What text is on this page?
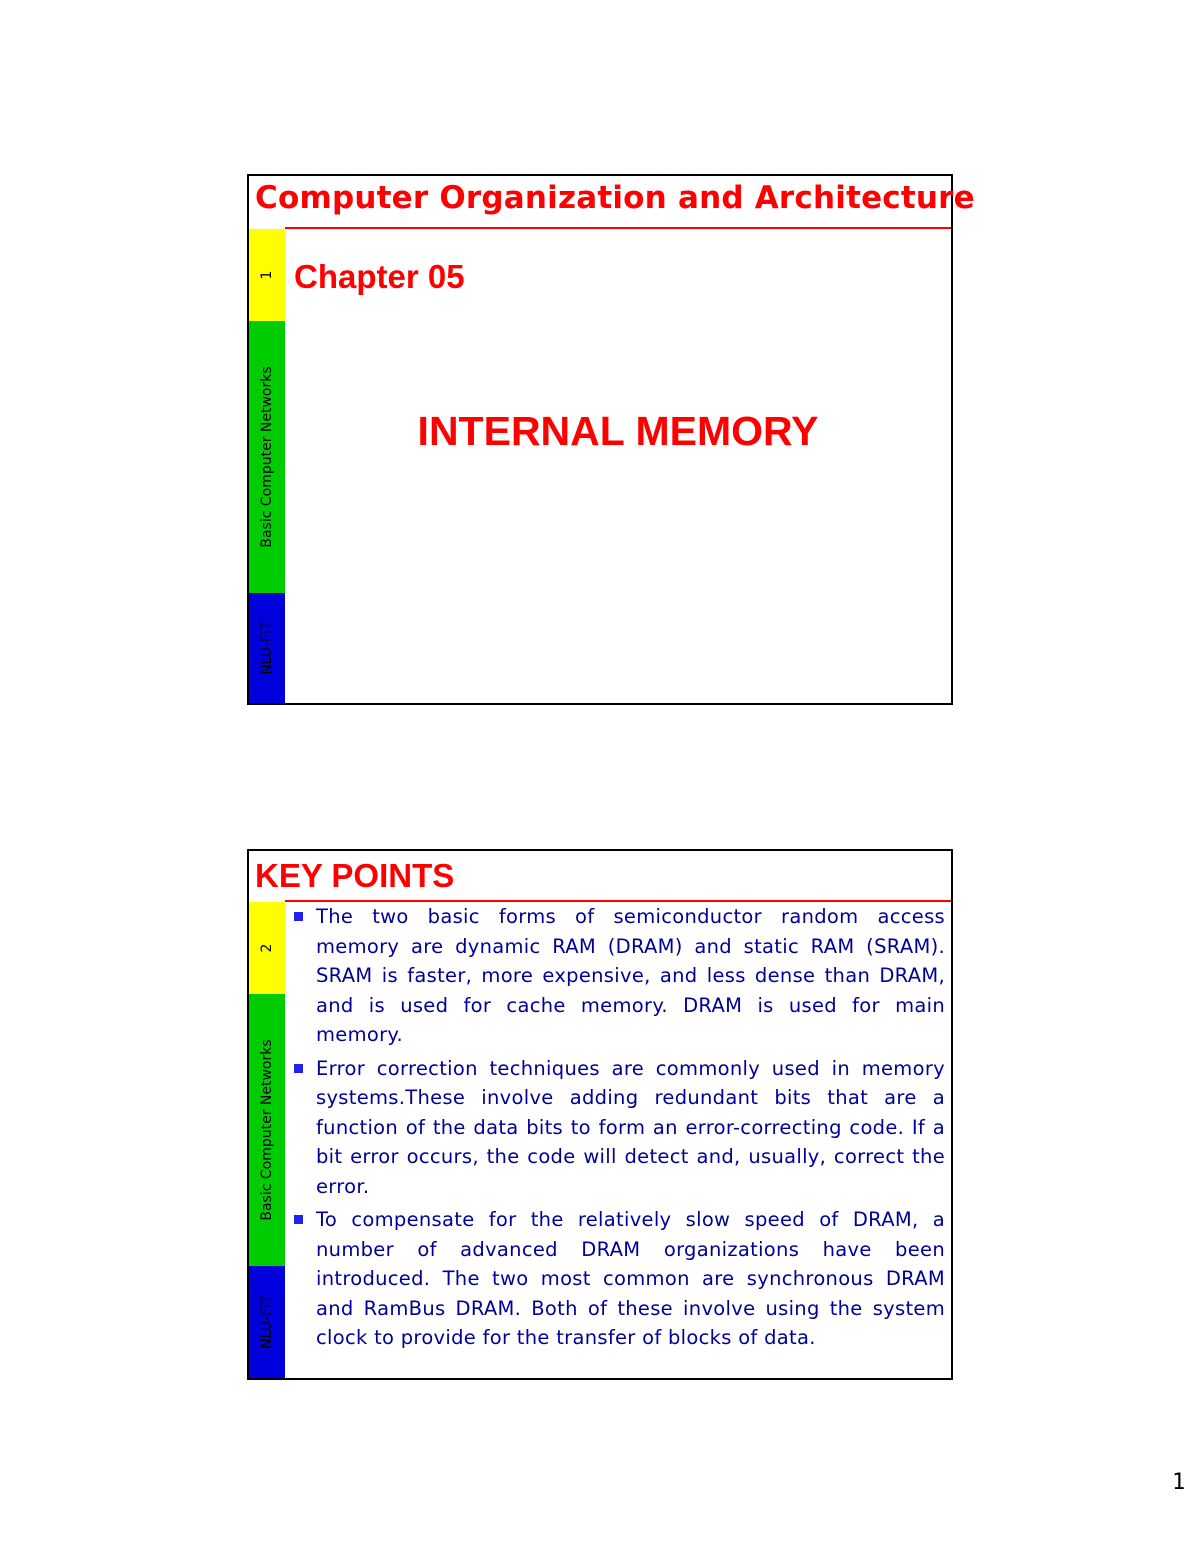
Computer Organization and Architecture
1
Basic Computer Networks
NLU-FIT
Chapter 05
INTERNAL MEMORY
KEY POINTS
2
Basic Computer Networks
NLU-FIT
The two basic forms of semiconductor random access memory are dynamic RAM (DRAM) and static RAM (SRAM). SRAM is faster, more expensive, and less dense than DRAM, and is used for cache memory. DRAM is used for main memory.
Error correction techniques are commonly used in memory systems.These involve adding redundant bits that are a function of the data bits to form an error-correcting code. If a bit error occurs, the code will detect and, usually, correct the error.
To compensate for the relatively slow speed of DRAM, a number of advanced DRAM organizations have been introduced. The two most common are synchronous DRAM and RamBus DRAM. Both of these involve using the system clock to provide for the transfer of blocks of data.
1
